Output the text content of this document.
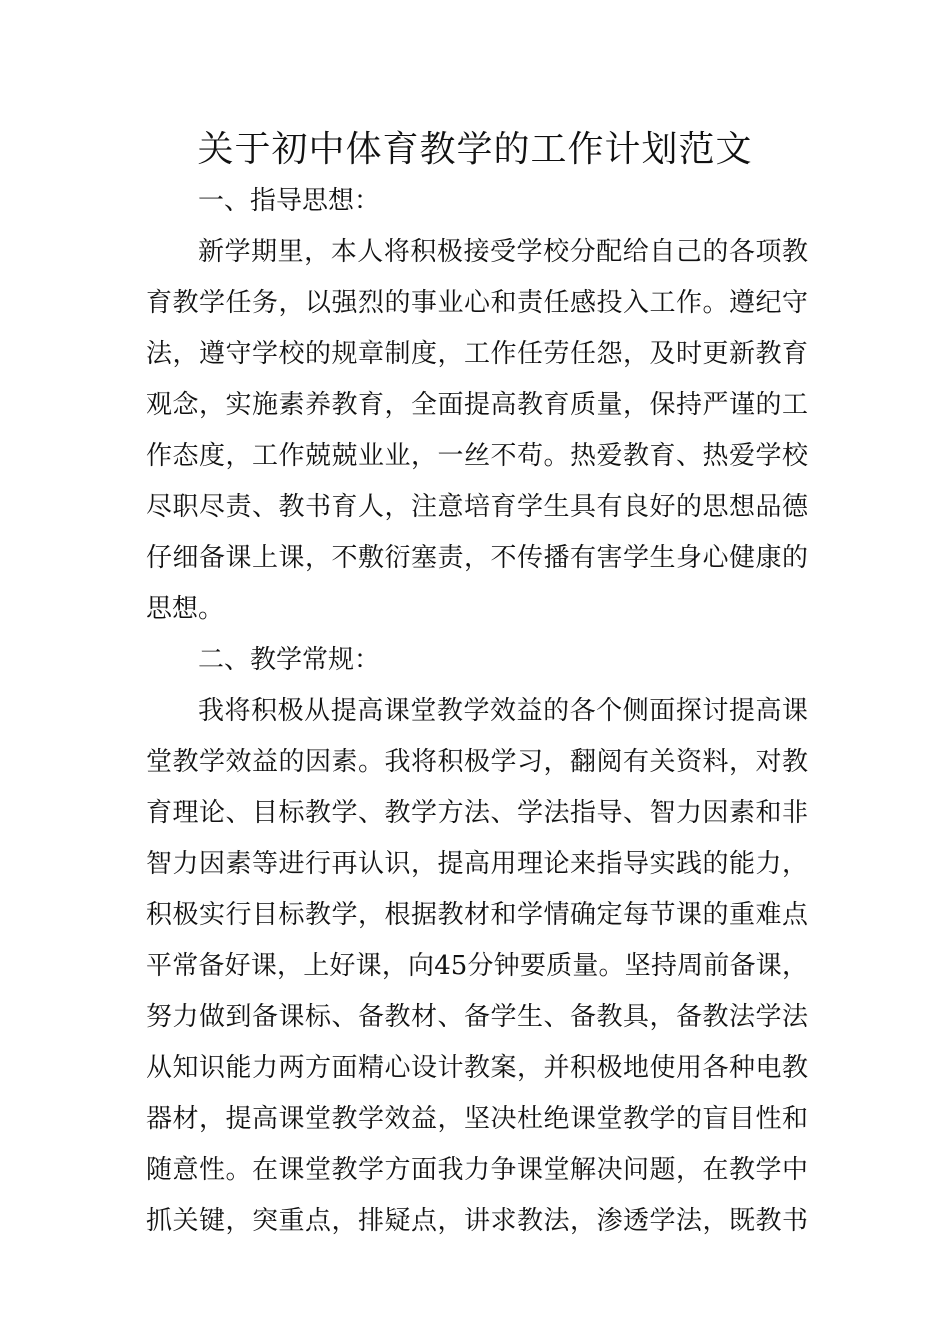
关于初中体育教学的工作计划范文
一、指导思想：
新学期里，本人将积极接受学校分配给自己的各项教
育教学任务，以强烈的事业心和责任感投入工作。遵纪守
法，遵守学校的规章制度，工作任劳任怨，及时更新教育
观念，实施素养教育，全面提高教育质量，保持严谨的工
作态度，工作兢兢业业，一丝不苟。热爱教育、热爱学校
尽职尽责、教书育人，注意培育学生具有良好的思想品德
仔细备课上课，不敷衍塞责，不传播有害学生身心健康的
思想。
二、教学常规：
我将积极从提高课堂教学效益的各个侧面探讨提高课
堂教学效益的因素。我将积极学习，翻阅有关资料，对教
育理论、目标教学、教学方法、学法指导、智力因素和非
智力因素等进行再认识，提高用理论来指导实践的能力，
积极实行目标教学，根据教材和学情确定每节课的重难点
平常备好课，上好课，向45分钟要质量。坚持周前备课，
努力做到备课标、备教材、备学生、备教具，备教法学法
从知识能力两方面精心设计教案，并积极地使用各种电教
器材，提高课堂教学效益，坚决杜绝课堂教学的盲目性和
随意性。在课堂教学方面我力争课堂解决问题，在教学中
抓关键，突重点，排疑点，讲求教法，渗透学法，既教书
